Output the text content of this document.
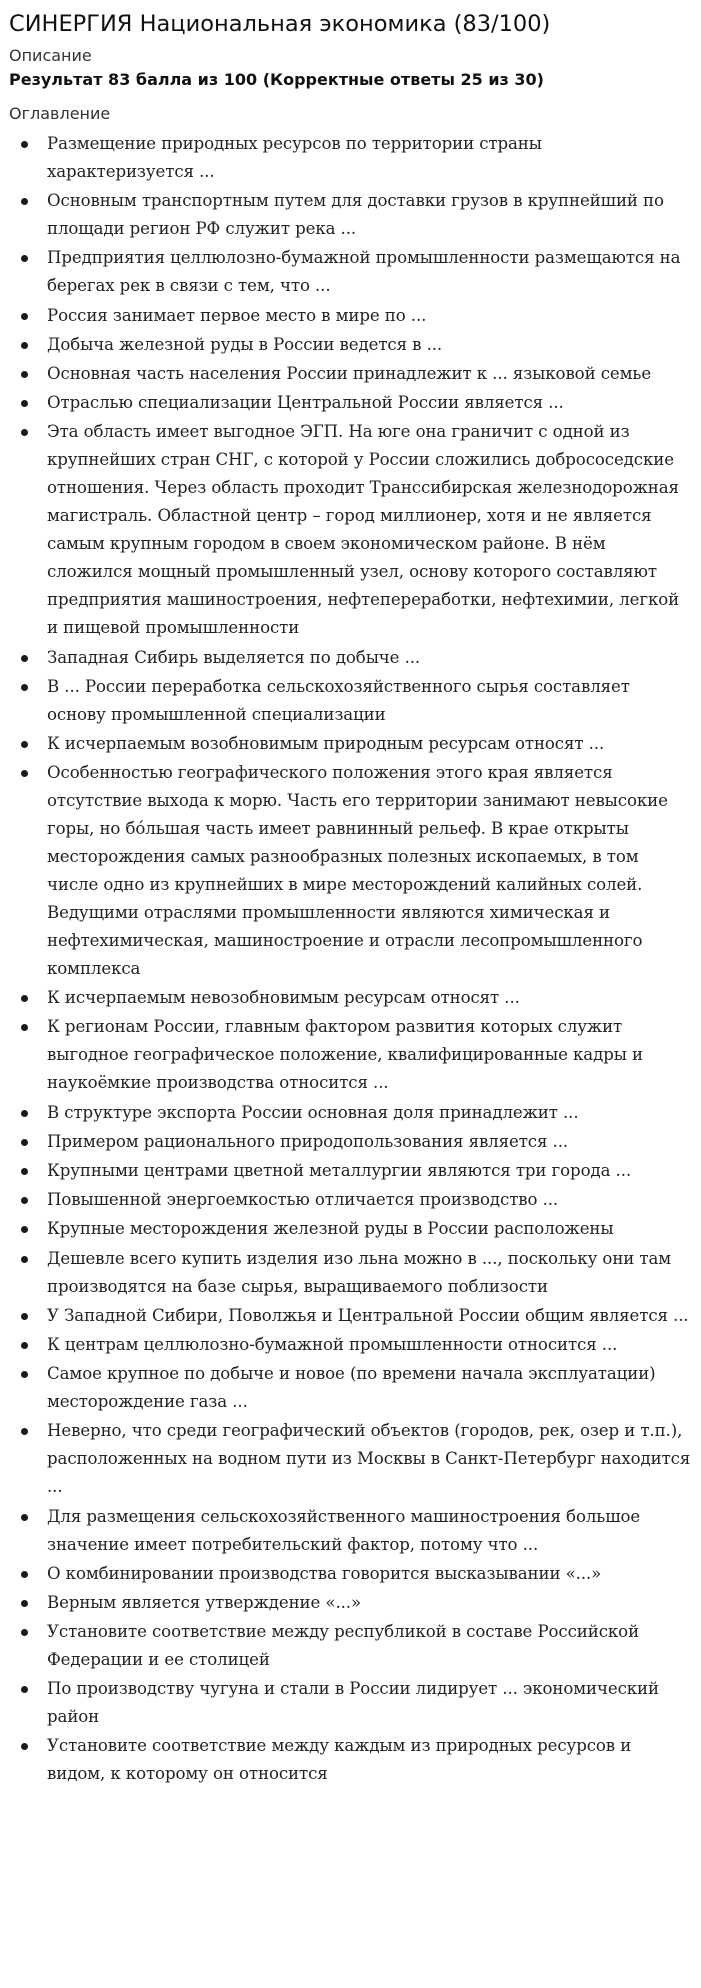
СИНЕРГИЯ Национальная экономика (83/100)
Описание
Результат 83 балла из 100 (Корректные ответы 25 из 30)
Оглавление
Размещение природных ресурсов по территории страны характеризуется ...
Основным транспортным путем для доставки грузов в крупнейший по площади регион РФ служит река ...
Предприятия целлюлозно-бумажной промышленности размещаются на берегах рек в связи с тем, что ...
Россия занимает первое место в мире по ...
Добыча железной руды в России ведется в ...
Основная часть населения России принадлежит к ... языковой семье
Отраслью специализации Центральной России является ...
Эта область имеет выгодное ЭГП. На юге она граничит с одной из крупнейших стран СНГ, с которой у России сложились добрососедские отношения. Через область проходит Транссибирская железнодорожная магистраль. Областной центр – город миллионер, хотя и не является самым крупным городом в своем экономическом районе. В нём сложился мощный промышленный узел, основу которого составляют предприятия машиностроения, нефтепереработки, нефтехимии, легкой и пищевой промышленности
Западная Сибирь выделяется по добыче ...
В ... России переработка сельскохозяйственного сырья составляет основу промышленной специализации
К исчерпаемым возобновимым природным ресурсам относят ...
Особенностью географического положения этого края является отсутствие выхода к морю. Часть его территории занимают невысокие горы, но бóльшая часть имеет равнинный рельеф. В крае открыты месторождения самых разнообразных полезных ископаемых, в том числе одно из крупнейших в мире месторождений калийных солей. Ведущими отраслями промышленности являются химическая и нефтехимическая, машиностроение и отрасли лесопромышленного комплекса
К исчерпаемым невозобновимым ресурсам относят ...
К регионам России, главным фактором развития которых служит выгодное географическое положение, квалифицированные кадры и наукоёмкие производства относится ...
В структуре экспорта России основная доля принадлежит ...
Примером рационального природопользования является ...
Крупными центрами цветной металлургии являются три города ...
Повышенной энергоемкостью отличается производство ...
Крупные месторождения железной руды в России расположены
Дешевле всего купить изделия изо льна можно в ..., поскольку они там производятся на базе сырья, выращиваемого поблизости
У Западной Сибири, Поволжья и Центральной России общим является ...
К центрам целлюлозно-бумажной промышленности относится ...
Самое крупное по добыче и новое (по времени начала эксплуатации) месторождение газа ...
Неверно, что среди географический объектов (городов, рек, озер и т.п.), расположенных на водном пути из Москвы в Санкт-Петербург находится ...
Для размещения сельскохозяйственного машиностроения большое значение имеет потребительский фактор, потому что ...
О комбинировании производства говорится высказывании «...»
Верным является утверждение «...»
Установите соответствие между республикой в составе Российской Федерации и ее столицей
По производству чугуна и стали в России лидирует ... экономический район
Установите соответствие между каждым из природных ресурсов и видом, к которому он относится
